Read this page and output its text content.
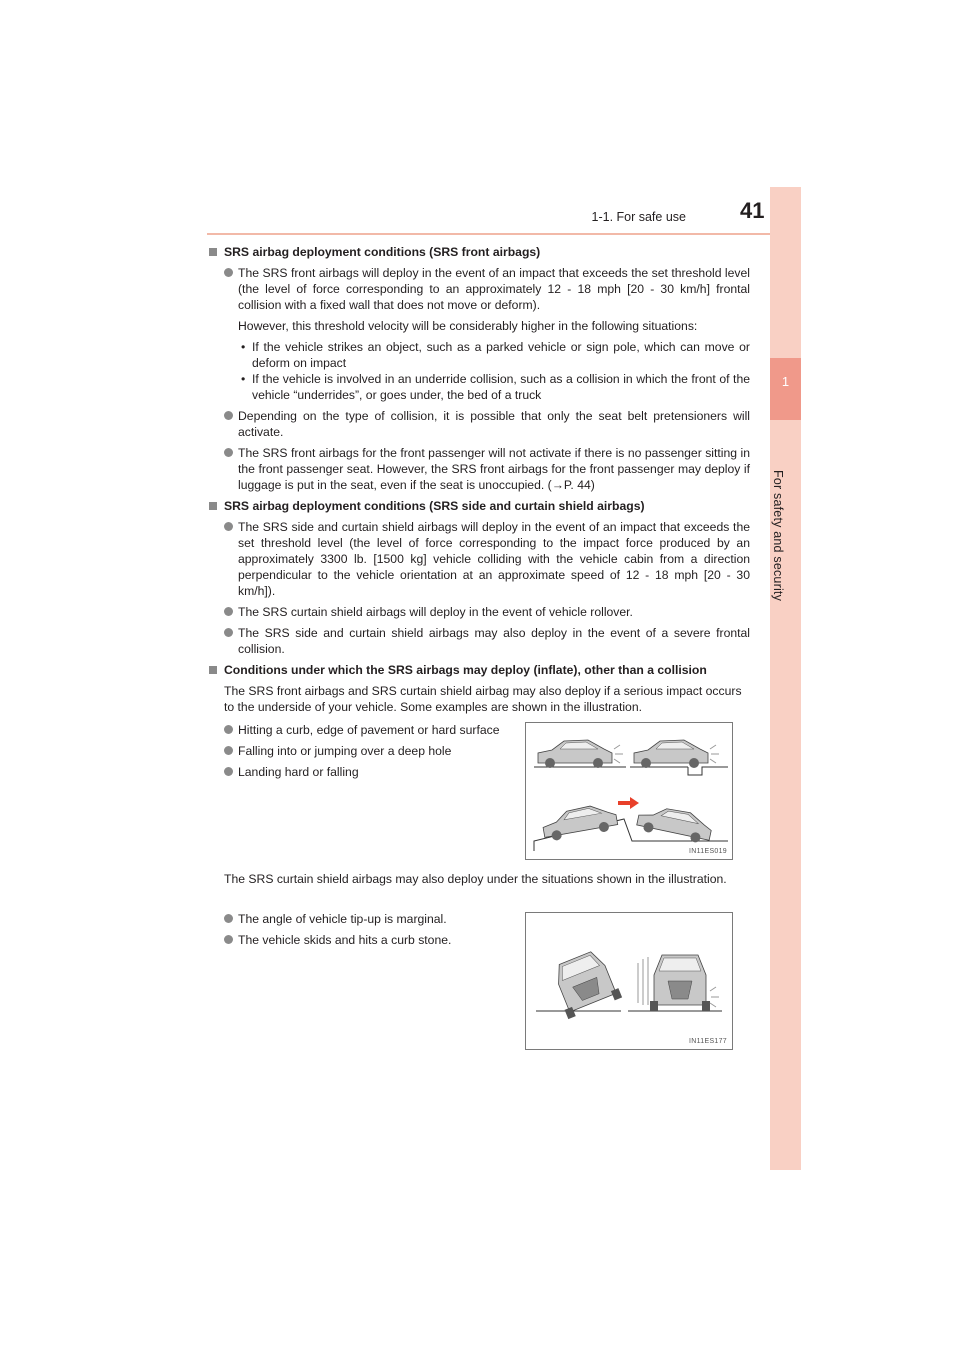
1-1. For safe use 41
1
For safety and security
SRS airbag deployment conditions (SRS front airbags)
The SRS front airbags will deploy in the event of an impact that exceeds the set threshold level (the level of force corresponding to an approximately 12 - 18 mph [20 - 30 km/h] frontal collision with a fixed wall that does not move or deform).
However, this threshold velocity will be considerably higher in the following situations:
• If the vehicle strikes an object, such as a parked vehicle or sign pole, which can move or deform on impact
• If the vehicle is involved in an underride collision, such as a collision in which the front of the vehicle “underrides”, or goes under, the bed of a truck
Depending on the type of collision, it is possible that only the seat belt pretensioners will activate.
The SRS front airbags for the front passenger will not activate if there is no passenger sitting in the front passenger seat. However, the SRS front airbags for the front passenger may deploy if luggage is put in the seat, even if the seat is unoccupied. (→P. 44)
SRS airbag deployment conditions (SRS side and curtain shield airbags)
The SRS side and curtain shield airbags will deploy in the event of an impact that exceeds the set threshold level (the level of force corresponding to the impact force produced by an approximately 3300 lb. [1500 kg] vehicle colliding with the vehicle cabin from a direction perpendicular to the vehicle orientation at an approximate speed of 12 - 18 mph [20 - 30 km/h]).
The SRS curtain shield airbags will deploy in the event of vehicle rollover.
The SRS side and curtain shield airbags may also deploy in the event of a severe frontal collision.
Conditions under which the SRS airbags may deploy (inflate), other than a collision
The SRS front airbags and SRS curtain shield airbag may also deploy if a serious impact occurs to the underside of your vehicle. Some examples are shown in the illustration.
Hitting a curb, edge of pavement or hard surface
Falling into or jumping over a deep hole
Landing hard or falling
IN11ES019
The SRS curtain shield airbags may also deploy under the situations shown in the illustration.
The angle of vehicle tip-up is marginal.
The vehicle skids and hits a curb stone.
IN11ES177
